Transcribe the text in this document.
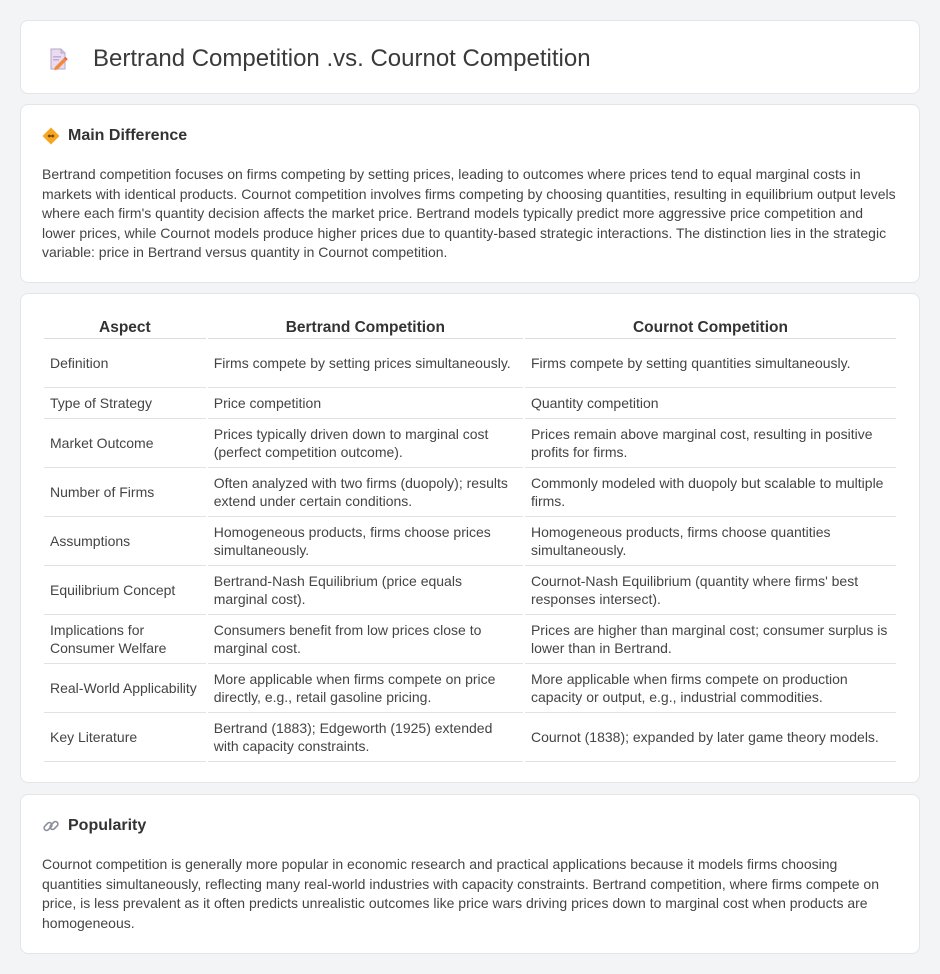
Bertrand Competition .vs. Cournot Competition
Main Difference

Bertrand competition focuses on firms competing by setting prices, leading to outcomes where prices tend to equal marginal costs in markets with identical products. Cournot competition involves firms competing by choosing quantities, resulting in equilibrium output levels where each firm's quantity decision affects the market price. Bertrand models typically predict more aggressive price competition and lower prices, while Cournot models produce higher prices due to quantity-based strategic interactions. The distinction lies in the strategic variable: price in Bertrand versus quantity in Cournot competition.

Aspect	Bertrand Competition	Cournot Competition
Definition	Firms compete by setting prices simultaneously.	Firms compete by setting quantities simultaneously.
Type of Strategy	Price competition	Quantity competition
Market Outcome	Prices typically driven down to marginal cost (perfect competition outcome).	Prices remain above marginal cost, resulting in positive profits for firms.
Number of Firms	Often analyzed with two firms (duopoly); results extend under certain conditions.	Commonly modeled with duopoly but scalable to multiple firms.
Assumptions	Homogeneous products, firms choose prices simultaneously.	Homogeneous products, firms choose quantities simultaneously.
Equilibrium Concept	Bertrand-Nash Equilibrium (price equals marginal cost).	Cournot-Nash Equilibrium (quantity where firms' best responses intersect).
Implications for Consumer Welfare	Consumers benefit from low prices close to marginal cost.	Prices are higher than marginal cost; consumer surplus is lower than in Bertrand.
Real-World Applicability	More applicable when firms compete on price directly, e.g., retail gasoline pricing.	More applicable when firms compete on production capacity or output, e.g., industrial commodities.
Key Literature	Bertrand (1883); Edgeworth (1925) extended with capacity constraints.	Cournot (1838); expanded by later game theory models.
Popularity

Cournot competition is generally more popular in economic research and practical applications because it models firms choosing quantities simultaneously, reflecting many real-world industries with capacity constraints. Bertrand competition, where firms compete on price, is less prevalent as it often predicts unrealistic outcomes like price wars driving prices down to marginal cost when products are homogeneous.
